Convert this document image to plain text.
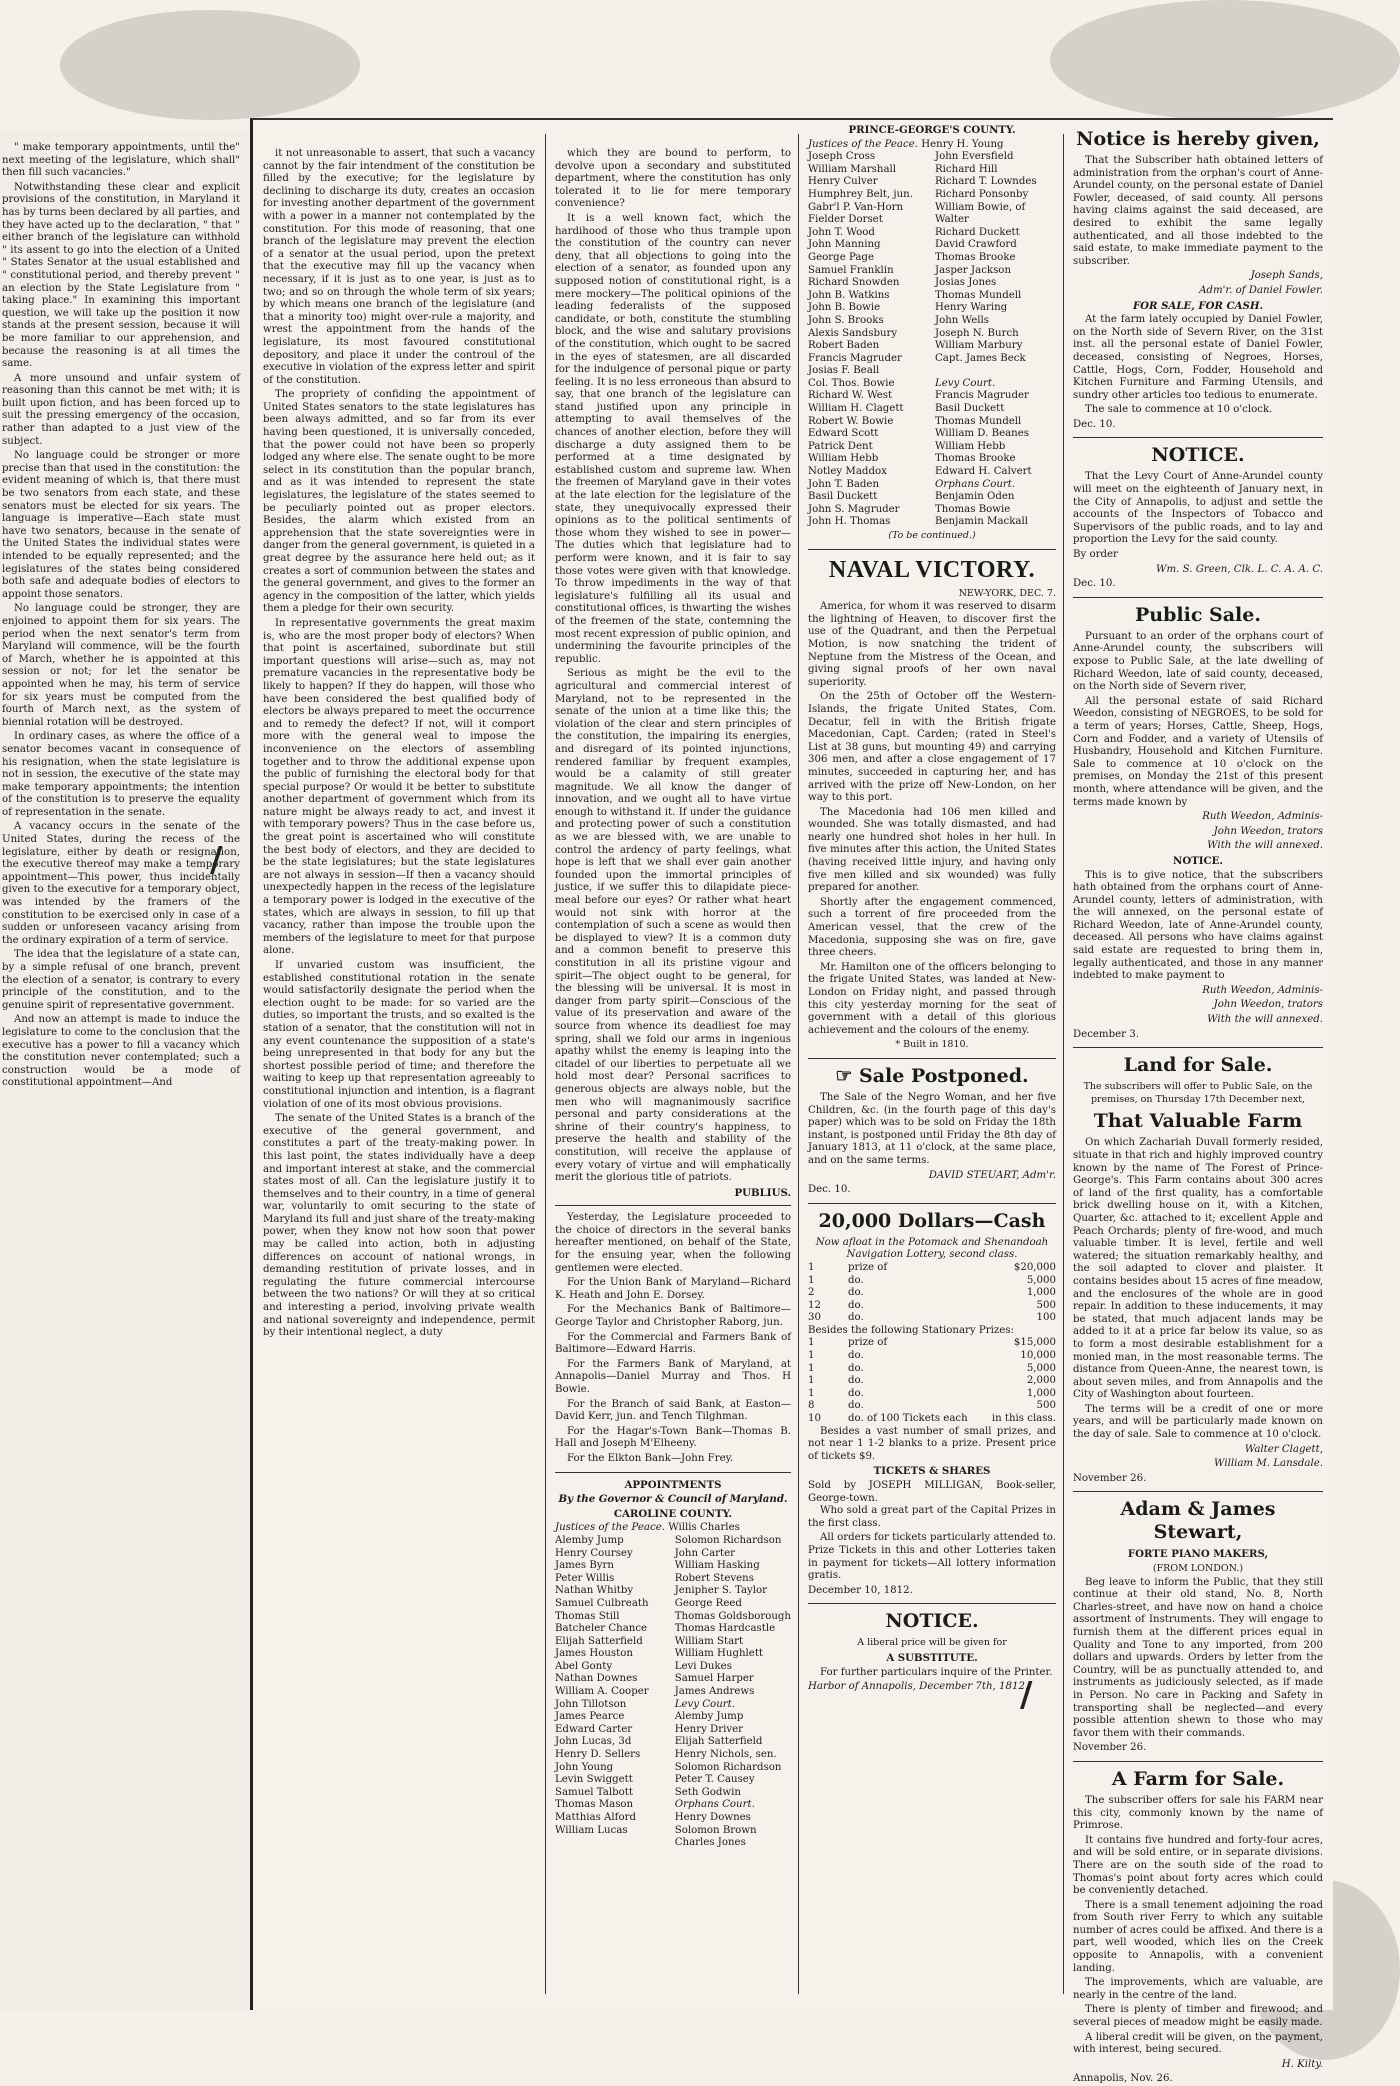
" make temporary appointments, until the" next meeting of the legislature, which shall" then fill such vacancies."

Notwithstanding these clear and explicit provisions of the constitution, in Maryland it has by turns been declared by all parties, and they have acted up to the declaration, " that " either branch of the legislature can withhold " its assent to go into the election of a United " States Senator at the usual established and " constitutional period, and thereby prevent " an election by the State Legislature from " taking place." In examining this important question, we will take up the position it now stands at the present session, because it will be more familiar to our apprehension, and because the reasoning is at all times the same.

A more unsound and unfair system of reasoning than this cannot be met with; it is built upon fiction, and has been forced up to suit the pressing emergency of the occasion, rather than adapted to a just view of the subject.

No language could be stronger or more precise than that used in the constitution: the evident meaning of which is, that there must be two senators from each state, and these senators must be elected for six years. The language is imperative—Each state must have two senators, because in the senate of the United States the individual states were intended to be equally represented; and the legislatures of the states being considered both safe and adequate bodies of electors to appoint those senators.

No language could be stronger, they are enjoined to appoint them for six years. The period when the next senator's term from Maryland will commence, will be the fourth of March, whether he is appointed at this session or not; for let the senator be appointed when he may, his term of service for six years must be computed from the fourth of March next, as the system of biennial rotation will be destroyed.

In ordinary cases, as where the office of a senator becomes vacant in consequence of his resignation, when the state legislature is not in session, the executive of the state may make temporary appointments; the intention of the constitution is to preserve the equality of representation in the senate.

A vacancy occurs in the senate of the United States, during the recess of the legislature, either by death or resignation, the executive thereof may make a temporary appointment—This power, thus incidentally given to the executive for a temporary object, was intended by the framers of the constitution to be exercised only in case of a sudden or unforeseen vacancy arising from the ordinary expiration of a term of service.

The idea that the legislature of a state can, by a simple refusal of one branch, prevent the election of a senator, is contrary to every principle of the constitution, and to the genuine spirit of representative government.

And now an attempt is made to induce the legislature to come to the conclusion that the executive has a power to fill a vacancy which the constitution never contemplated; such a construction would be a mode of constitutional appointment—And

it not unreasonable to assert, that such a vacancy cannot by the fair intendment of the constitution be filled by the executive; for the legislature by declining to discharge its duty, creates an occasion for investing another department of the government with a power in a manner not contemplated by the constitution. For this mode of reasoning, that one branch of the legislature may prevent the election of a senator at the usual period, upon the pretext that the executive may fill up the vacancy when necessary, if it is just as to one year, is just as to two; and so on through the whole term of six years; by which means one branch of the legislature (and that a minority too) might over-rule a majority, and wrest the appointment from the hands of the legislature, its most favoured constitutional depository, and place it under the controul of the executive in violation of the express letter and spirit of the constitution.

The propriety of confiding the appointment of United States senators to the state legislatures has been always admitted, and so far from its ever having been questioned, it is universally conceded, that the power could not have been so properly lodged any where else. The senate ought to be more select in its constitution than the popular branch, and as it was intended to represent the state legislatures, the legislature of the states seemed to be peculiarly pointed out as proper electors. Besides, the alarm which existed from an apprehension that the state sovereignties were in danger from the general government, is quieted in a great degree by the assurance here held out; as it creates a sort of communion between the states and the general government, and gives to the former an agency in the composition of the latter, which yields them a pledge for their own security.

In representative governments the great maxim is, who are the most proper body of electors? When that point is ascertained, subordinate but still important questions will arise—such as, may not premature vacancies in the representative body be likely to happen? If they do happen, will those who have been considered the best qualified body of electors be always prepared to meet the occurrence and to remedy the defect? If not, will it comport more with the general weal to impose the inconvenience on the electors of assembling together and to throw the additional expense upon the public of furnishing the electoral body for that special purpose? Or would it be better to substitute another department of government which from its nature might be always ready to act, and invest it with temporary powers? Thus in the case before us, the great point is ascertained who will constitute the best body of electors, and they are decided to be the state legislatures; but the state legislatures are not always in session—If then a vacancy should unexpectedly happen in the recess of the legislature a temporary power is lodged in the executive of the states, which are always in session, to fill up that vacancy, rather than impose the trouble upon the members of the legislature to meet for that purpose alone.

If unvaried custom was insufficient, the established constitutional rotation in the senate would satisfactorily designate the period when the election ought to be made: for so varied are the duties, so important the trusts, and so exalted is the station of a senator, that the constitution will not in any event countenance the supposition of a state's being unrepresented in that body for any but the shortest possible period of time; and therefore the waiting to keep up that representation agreeably to constitutional injunction and intention, is a flagrant violation of one of its most obvious provisions.

The senate of the United States is a branch of the executive of the general government, and constitutes a part of the treaty-making power. In this last point, the states individually have a deep and important interest at stake, and the commercial states most of all. Can the legislature justify it to themselves and to their country, in a time of general war, voluntarily to omit securing to the state of Maryland its full and just share of the treaty-making power, when they know not how soon that power may be called into action, both in adjusting differences on account of national wrongs, in demanding restitution of private losses, and in regulating the future commercial intercourse between the two nations? Or will they at so critical and interesting a period, involving private wealth and national sovereignty and independence, permit by their intentional neglect, a duty

which they are bound to perform, to devolve upon a secondary and substituted department, where the constitution has only tolerated it to lie for mere temporary convenience?

It is a well known fact, which the hardihood of those who thus trample upon the constitution of the country can never deny, that all objections to going into the election of a senator, as founded upon any supposed notion of constitutional right, is a mere mockery—The political opinions of the leading federalists of the supposed candidate, or both, constitute the stumbling block, and the wise and salutary provisions of the constitution, which ought to be sacred in the eyes of statesmen, are all discarded for the indulgence of personal pique or party feeling. It is no less erroneous than absurd to say, that one branch of the legislature can stand justified upon any principle in attempting to avail themselves of the chances of another election, before they will discharge a duty assigned them to be performed at a time designated by established custom and supreme law. When the freemen of Maryland gave in their votes at the late election for the legislature of the state, they unequivocally expressed their opinions as to the political sentiments of those whom they wished to see in power—The duties which that legislature had to perform were known, and it is fair to say those votes were given with that knowledge. To throw impediments in the way of that legislature's fulfilling all its usual and constitutional offices, is thwarting the wishes of the freemen of the state, contemning the most recent expression of public opinion, and undermining the favourite principles of the republic.

Serious as might be the evil to the agricultural and commercial interest of Maryland, not to be represented in the senate of the union at a time like this; the violation of the clear and stern principles of the constitution, the impairing its energies, and disregard of its pointed injunctions, rendered familiar by frequent examples, would be a calamity of still greater magnitude. We all know the danger of innovation, and we ought all to have virtue enough to withstand it. If under the guidance and protecting power of such a constitution as we are blessed with, we are unable to control the ardency of party feelings, what hope is left that we shall ever gain another founded upon the immortal principles of justice, if we suffer this to dilapidate piece-meal before our eyes? Or rather what heart would not sink with horror at the contemplation of such a scene as would then be displayed to view? It is a common duty and a common benefit to preserve this constitution in all its pristine vigour and spirit—The object ought to be general, for the blessing will be universal. It is most in danger from party spirit—Conscious of the value of its preservation and aware of the source from whence its deadliest foe may spring, shall we fold our arms in ingenious apathy whilst the enemy is leaping into the citadel of our liberties to perpetuate all we hold most dear? Personal sacrifices to generous objects are always noble, but the men who will magnanimously sacrifice personal and party considerations at the shrine of their country's happiness, to preserve the health and stability of the constitution, will receive the applause of every votary of virtue and will emphatically merit the glorious title of patriots.

PUBLIUS.

Yesterday, the Legislature proceeded to the choice of directors in the several banks hereafter mentioned, on behalf of the State, for the ensuing year, when the following gentlemen were elected.

For the Union Bank of Maryland—Richard K. Heath and John E. Dorsey.

For the Mechanics Bank of Baltimore—George Taylor and Christopher Raborg, jun.

For the Commercial and Farmers Bank of Baltimore—Edward Harris.

For the Farmers Bank of Maryland, at Annapolis—Daniel Murray and Thos. H Bowie.

For the Branch of said Bank, at Easton—David Kerr, jun. and Tench Tilghman.

For the Hagar's-Town Bank—Thomas B. Hall and Joseph M'Elheeny.

For the Elkton Bank—John Frey.

APPOINTMENTS
By the Governor & Council of Maryland.
CAROLINE COUNTY.
Justices of the Peace. Willis Charles
Alemby Jump	Solomon Richardson
Henry Coursey	John Carter
James Byrn	William Hasking
Peter Willis	Robert Stevens
Nathan Whitby	Jenipher S. Taylor
Samuel Culbreath	George Reed
Thomas Still	Thomas Goldsborough
Batcheler Chance	Thomas Hardcastle
Elijah Satterfield	William Start
James Houston	William Hughlett
Abel Gonty	Levi Dukes
Nathan Downes	Samuel Harper
William A. Cooper	James Andrews
John Tillotson	Levy Court.
James Pearce	Alemby Jump
Edward Carter	Henry Driver
John Lucas, 3d	Elijah Satterfield
Henry D. Sellers	Henry Nichols, sen.
John Young	Solomon Richardson
Levin Swiggett	Peter T. Causey
Samuel Talbott	Seth Godwin
Thomas Mason	Orphans Court.
Matthias Alford	Henry Downes
William Lucas	Solomon Brown
Charles Jones
PRINCE-GEORGE'S COUNTY.
Justices of the Peace. Henry H. Young
Joseph Cross	John Eversfield
William Marshall	Richard Hill
Henry Culver	Richard T. Lowndes
Humphrey Belt, jun.	Richard Ponsonby
Gabr'l P. Van-Horn	William Bowie, of
Fielder Dorset	Walter
John T. Wood	Richard Duckett
John Manning	David Crawford
George Page	Thomas Brooke
Samuel Franklin	Jasper Jackson
Richard Snowden	Josias Jones
John B. Watkins	Thomas Mundell
John B. Bowie	Henry Waring
John S. Brooks	John Wells
Alexis Sandsbury	Joseph N. Burch
Robert Baden	William Marbury
Francis Magruder	Capt. James Beck
Josias F. Beall
Col. Thos. Bowie	Levy Court.
Richard W. West	Francis Magruder
William H. Clagett	Basil Duckett
Robert W. Bowie	Thomas Mundell
Edward Scott	William D. Beanes
Patrick Dent	William Hebb
William Hebb	Thomas Brooke
Notley Maddox	Edward H. Calvert
John T. Baden	Orphans Court.
Basil Duckett	Benjamin Oden
John S. Magruder	Thomas Bowie
John H. Thomas	Benjamin Mackall
(To be continued.)
NAVAL VICTORY.
NEW-YORK, DEC. 7.

America, for whom it was reserved to disarm the lightning of Heaven, to discover first the use of the Quadrant, and then the Perpetual Motion, is now snatching the trident of Neptune from the Mistress of the Ocean, and giving signal proofs of her own naval superiority.

On the 25th of October off the Western-Islands, the frigate United States, Com. Decatur, fell in with the British frigate Macedonian, Capt. Carden; (rated in Steel's List at 38 guns, but mounting 49) and carrying 306 men, and after a close engagement of 17 minutes, succeeded in capturing her, and has arrived with the prize off New-London, on her way to this port.

The Macedonia had 106 men killed and wounded. She was totally dismasted, and had nearly one hundred shot holes in her hull. In five minutes after this action, the United States (having received little injury, and having only five men killed and six wounded) was fully prepared for another.

Shortly after the engagement commenced, such a torrent of fire proceeded from the American vessel, that the crew of the Macedonia, supposing she was on fire, gave three cheers.

Mr. Hamilton one of the officers belonging to the frigate United States, was landed at New-London on Friday night, and passed through this city yesterday morning for the seat of government with a detail of this glorious achievement and the colours of the enemy.

* Built in 1810.
☞ Sale Postponed.

The Sale of the Negro Woman, and her five Children, &c. (in the fourth page of this day's paper) which was to be sold on Friday the 18th instant, is postponed until Friday the 8th day of January 1813, at 11 o'clock, at the same place, and on the same terms.

DAVID STEUART, Adm'r.
Dec. 10.
20,000 Dollars—Cash
Now afloat in the Potomack and Shenandoah Navigation Lottery, second class.
1	prize of	$20,000
1	do.	5,000
2	do.	1,000
12	do.	500
30	do.	100
Besides the following Stationary Prizes:
1	prize of	$15,000
1	do.	10,000
1	do.	5,000
1	do.	2,000
1	do.	1,000
8	do.	500
10	do. of 100 Tickets each	in this class.

Besides a vast number of small prizes, and not near 1 1-2 blanks to a prize. Present price of tickets $9.

TICKETS & SHARES
Sold by JOSEPH MILLIGAN, Book-seller, George-town.

Who sold a great part of the Capital Prizes in the first class.

All orders for tickets particularly attended to. Prize Tickets in this and other Lotteries taken in payment for tickets—All lottery information gratis.

December 10, 1812.
NOTICE.
A liberal price will be given for
A SUBSTITUTE.

For further particulars inquire of the Printer.

Harbor of Annapolis, December 7th, 1812.
Notice is hereby given,

That the Subscriber hath obtained letters of administration from the orphan's court of Anne-Arundel county, on the personal estate of Daniel Fowler, deceased, of said county. All persons having claims against the said deceased, are desired to exhibit the same legally authenticated, and all those indebted to the said estate, to make immediate payment to the subscriber.

Joseph Sands,
Adm'r. of Daniel Fowler.
FOR SALE, FOR CASH.

At the farm lately occupied by Daniel Fowler, on the North side of Severn River, on the 31st inst. all the personal estate of Daniel Fowler, deceased, consisting of Negroes, Horses, Cattle, Hogs, Corn, Fodder, Household and Kitchen Furniture and Farming Utensils, and sundry other articles too tedious to enumerate.

The sale to commence at 10 o'clock.

Dec. 10.
NOTICE.

That the Levy Court of Anne-Arundel county will meet on the eighteenth of January next, in the City of Annapolis, to adjust and settle the accounts of the Inspectors of Tobacco and Supervisors of the public roads, and to lay and proportion the Levy for the said county.

By order
Wm. S. Green, Clk. L. C. A. A. C.
Dec. 10.
Public Sale.

Pursuant to an order of the orphans court of Anne-Arundel county, the subscribers will expose to Public Sale, at the late dwelling of Richard Weedon, late of said county, deceased, on the North side of Severn river,

All the personal estate of said Richard Weedon, consisting of NEGROES, to be sold for a term of years; Horses, Cattle, Sheep, Hogs, Corn and Fodder, and a variety of Utensils of Husbandry, Household and Kitchen Furniture. Sale to commence at 10 o'clock on the premises, on Monday the 21st of this present month, where attendance will be given, and the terms made known by

Ruth Weedon, Adminis-
John Weedon, trators
With the will annexed.
NOTICE.

This is to give notice, that the subscribers hath obtained from the orphans court of Anne-Arundel county, letters of administration, with the will annexed, on the personal estate of Richard Weedon, late of Anne-Arundel county, deceased. All persons who have claims against said estate are requested to bring them in, legally authenticated, and those in any manner indebted to make payment to

Ruth Weedon, Adminis-
John Weedon, trators
With the will annexed.
December 3.
Land for Sale.
The subscribers will offer to Public Sale, on the premises, on Thursday 17th December next,
That Valuable Farm

On which Zachariah Duvall formerly resided, situate in that rich and highly improved country known by the name of The Forest of Prince-George's. This Farm contains about 300 acres of land of the first quality, has a comfortable brick dwelling house on it, with a Kitchen, Quarter, &c. attached to it; excellent Apple and Peach Orchards; plenty of fire-wood, and much valuable timber. It is level, fertile and well watered; the situation remarkably healthy, and the soil adapted to clover and plaister. It contains besides about 15 acres of fine meadow, and the enclosures of the whole are in good repair. In addition to these inducements, it may be stated, that much adjacent lands may be added to it at a price far below its value, so as to form a most desirable establishment for a monied man, in the most reasonable terms. The distance from Queen-Anne, the nearest town, is about seven miles, and from Annapolis and the City of Washington about fourteen.

The terms will be a credit of one or more years, and will be particularly made known on the day of sale. Sale to commence at 10 o'clock.

Walter Clagett,
William M. Lansdale.
November 26.
Adam & James Stewart,
FORTE PIANO MAKERS,
(FROM LONDON.)

Beg leave to inform the Public, that they still continue at their old stand, No. 8, North Charles-street, and have now on hand a choice assortment of Instruments. They will engage to furnish them at the different prices equal in Quality and Tone to any imported, from 200 dollars and upwards. Orders by letter from the Country, will be as punctually attended to, and instruments as judiciously selected, as if made in Person. No care in Packing and Safety in transporting shall be neglected—and every possible attention shewn to those who may favor them with their commands.

November 26.
A Farm for Sale.

The subscriber offers for sale his FARM near this city, commonly known by the name of Primrose.

It contains five hundred and forty-four acres, and will be sold entire, or in separate divisions. There are on the south side of the road to Thomas's point about forty acres which could be conveniently detached.

There is a small tenement adjoining the road from South river Ferry to which any suitable number of acres could be affixed. And there is a part, well wooded, which lies on the Creek opposite to Annapolis, with a convenient landing.

The improvements, which are valuable, are nearly in the centre of the land.

There is plenty of timber and firewood; and several pieces of meadow might be easily made.

A liberal credit will be given, on the payment, with interest, being secured.

H. Kilty.
Annapolis, Nov. 26.
/
/
